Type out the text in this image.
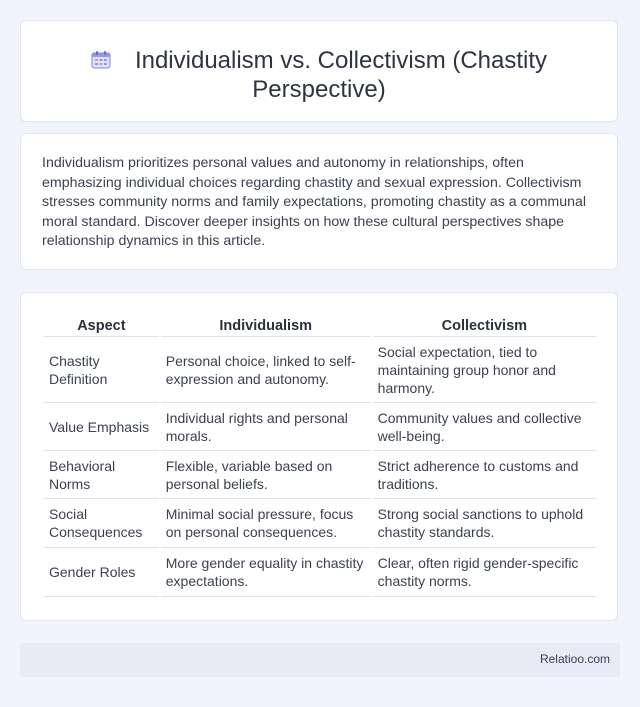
Individualism vs. Collectivism (Chastity Perspective)

Individualism prioritizes personal values and autonomy in relationships, often emphasizing individual choices regarding chastity and sexual expression. Collectivism stresses community norms and family expectations, promoting chastity as a communal moral standard. Discover deeper insights on how these cultural perspectives shape relationship dynamics in this article.

Aspect	Individualism	Collectivism
Chastity Definition	Personal choice, linked to self-expression and autonomy.	Social expectation, tied to maintaining group honor and harmony.
Value Emphasis	Individual rights and personal morals.	Community values and collective well-being.
Behavioral Norms	Flexible, variable based on personal beliefs.	Strict adherence to customs and traditions.
Social Consequences	Minimal social pressure, focus on personal consequences.	Strong social sanctions to uphold chastity standards.
Gender Roles	More gender equality in chastity expectations.	Clear, often rigid gender-specific chastity norms.
Relatioo.com
